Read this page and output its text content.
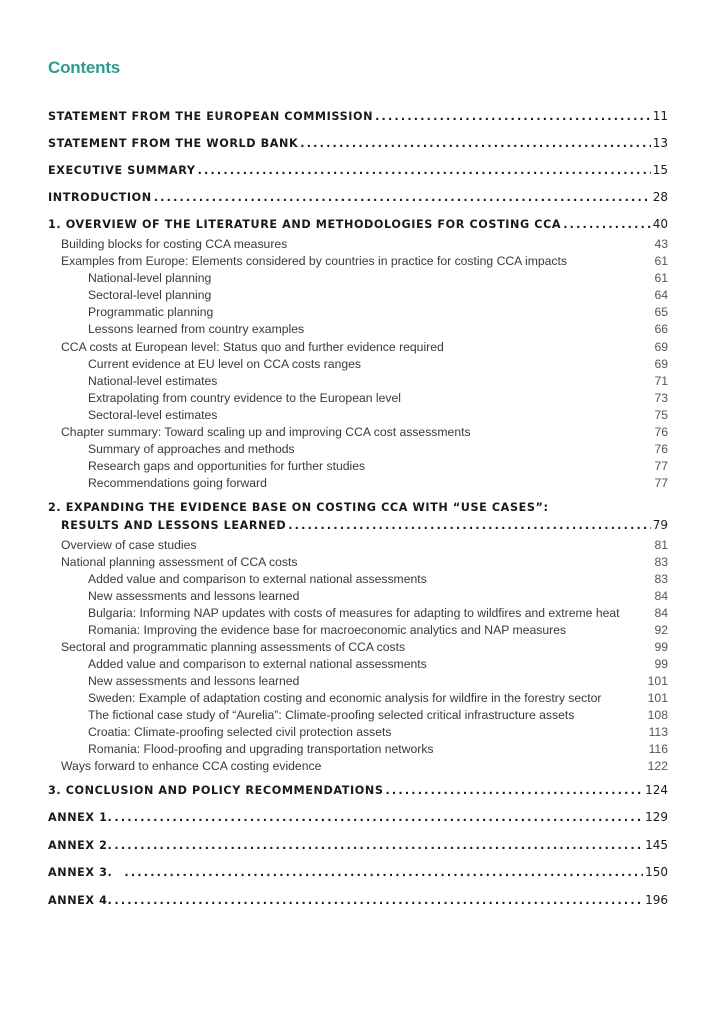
Contents
STATEMENT FROM THE EUROPEAN COMMISSION .....	11
STATEMENT FROM THE WORLD BANK .....	13
EXECUTIVE SUMMARY .....	15
INTRODUCTION .....	28
1. OVERVIEW OF THE LITERATURE AND METHODOLOGIES FOR COSTING CCA .....	40
Building blocks for costing CCA measures	43
Examples from Europe: Elements considered by countries in practice for costing CCA impacts	61
National-level planning	61
Sectoral-level planning	64
Programmatic planning	65
Lessons learned from country examples	66
CCA costs at European level: Status quo and further evidence required	69
Current evidence at EU level on CCA costs ranges	69
National-level estimates	71
Extrapolating from country evidence to the European level	73
Sectoral-level estimates	75
Chapter summary: Toward scaling up and improving CCA cost assessments	76
Summary of approaches and methods	76
Research gaps and opportunities for further studies	77
Recommendations going forward	77
2. EXPANDING THE EVIDENCE BASE ON COSTING CCA WITH “USE CASES”:
RESULTS AND LESSONS LEARNED .....	79
Overview of case studies	81
National planning assessment of CCA costs	83
Added value and comparison to external national assessments	83
New assessments and lessons learned	84
Bulgaria: Informing NAP updates with costs of measures for adapting to wildfires and extreme heat	84
Romania: Improving the evidence base for macroeconomic analytics and NAP measures	92
Sectoral and programmatic planning assessments of CCA costs	99
Added value and comparison to external national assessments	99
New assessments and lessons learned	101
Sweden: Example of adaptation costing and economic analysis for wildfire in the forestry sector	101
The fictional case study of “Aurelia”: Climate-proofing selected critical infrastructure assets	108
Croatia: Climate-proofing selected civil protection assets	113
Romania: Flood-proofing and upgrading transportation networks	116
Ways forward to enhance CCA costing evidence	122
3. CONCLUSION AND POLICY RECOMMENDATIONS .....	124
ANNEX 1. .....	129
ANNEX 2. .....	145
ANNEX 3. .....	150
ANNEX 4. .....	196
